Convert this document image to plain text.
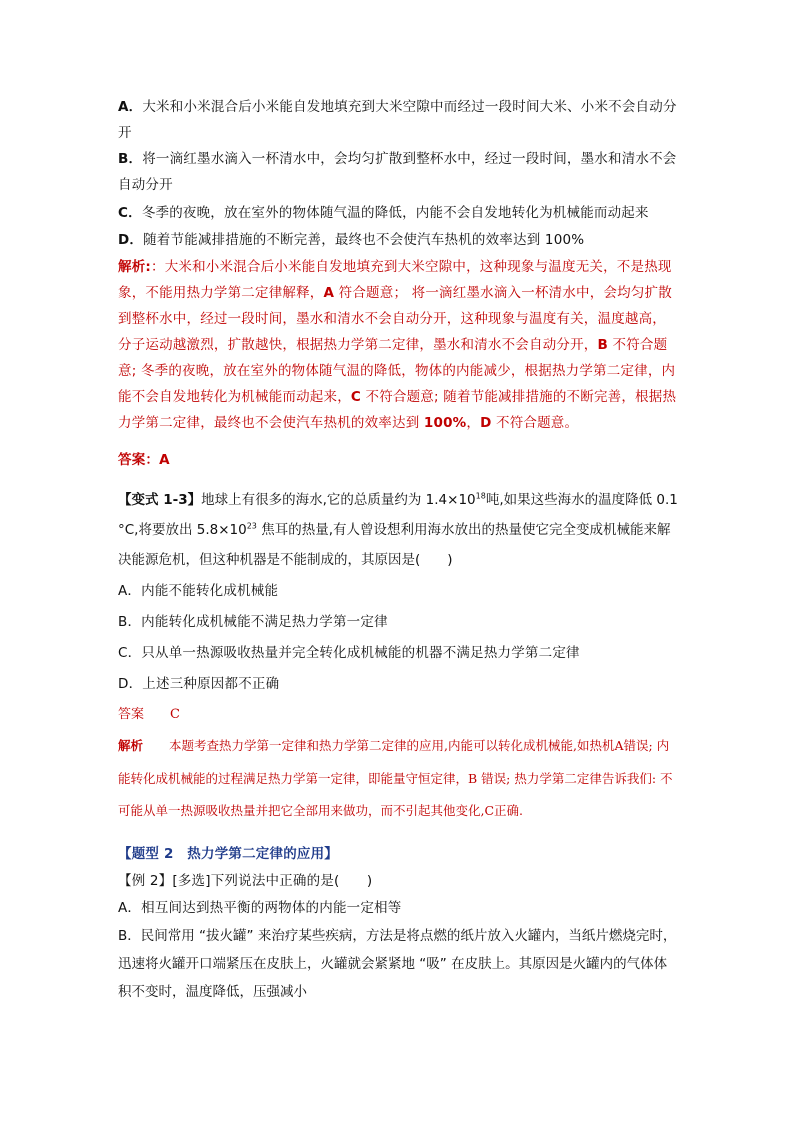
A．大米和小米混合后小米能自发地填充到大米空隙中而经过一段时间大米、小米不会自动分开

B．将一滴红墨水滴入一杯清水中，会均匀扩散到整杯水中，经过一段时间，墨水和清水不会自动分开

C．冬季的夜晚，放在室外的物体随气温的降低，内能不会自发地转化为机械能而动起来

D．随着节能减排措施的不断完善，最终也不会使汽车热机的效率达到 100%

解析:：大米和小米混合后小米能自发地填充到大米空隙中，这种现象与温度无关，不是热现象，不能用热力学第二定律解释，A 符合题意； 将一滴红墨水滴入一杯清水中，会均匀扩散到整杯水中，经过一段时间，墨水和清水不会自动分开，这种现象与温度有关，温度越高，分子运动越激烈，扩散越快，根据热力学第二定律，墨水和清水不会自动分开，B 不符合题意; 冬季的夜晚，放在室外的物体随气温的降低，物体的内能减少，根据热力学第二定律，内能不会自发地转化为机械能而动起来，C 不符合题意; 随着节能减排措施的不断完善，根据热力学第二定律，最终也不会使汽车热机的效率达到 100%，D 不符合题意。

答案：A

【变式 1-3】地球上有很多的海水,它的总质量约为 $1.4\times 10^{18}$吨,如果这些海水的温度降低 0.1 °C,将要放出 $5.8\times 10^{23}$ 焦耳的热量,有人曾设想利用海水放出的热量使它完全变成机械能来解决能源危机，但这种机器是不能制成的，其原因是(　　)

A．内能不能转化成机械能

B．内能转化成机械能不满足热力学第一定律

C．只从单一热源吸收热量并完全转化成机械能的机器不满足热力学第二定律

D．上述三种原因都不正确

答案 C

解析 本题考查热力学第一定律和热力学第二定律的应用,内能可以转化成机械能,如热机A错误; 内能转化成机械能的过程满足热力学第一定律，即能量守恒定律，B 错误; 热力学第二定律告诉我们: 不可能从单一热源吸收热量并把它全部用来做功，而不引起其他变化,C正确.

【题型 2　热力学第二定律的应用】

【例 2】[多选]下列说法中正确的是(　　)

A．相互间达到热平衡的两物体的内能一定相等

B．民间常用 “拔火罐” 来治疗某些疾病，方法是将点燃的纸片放入火罐内，当纸片燃烧完时，迅速将火罐开口端紧压在皮肤上，火罐就会紧紧地 “吸” 在皮肤上。其原因是火罐内的气体体积不变时，温度降低，压强减小
